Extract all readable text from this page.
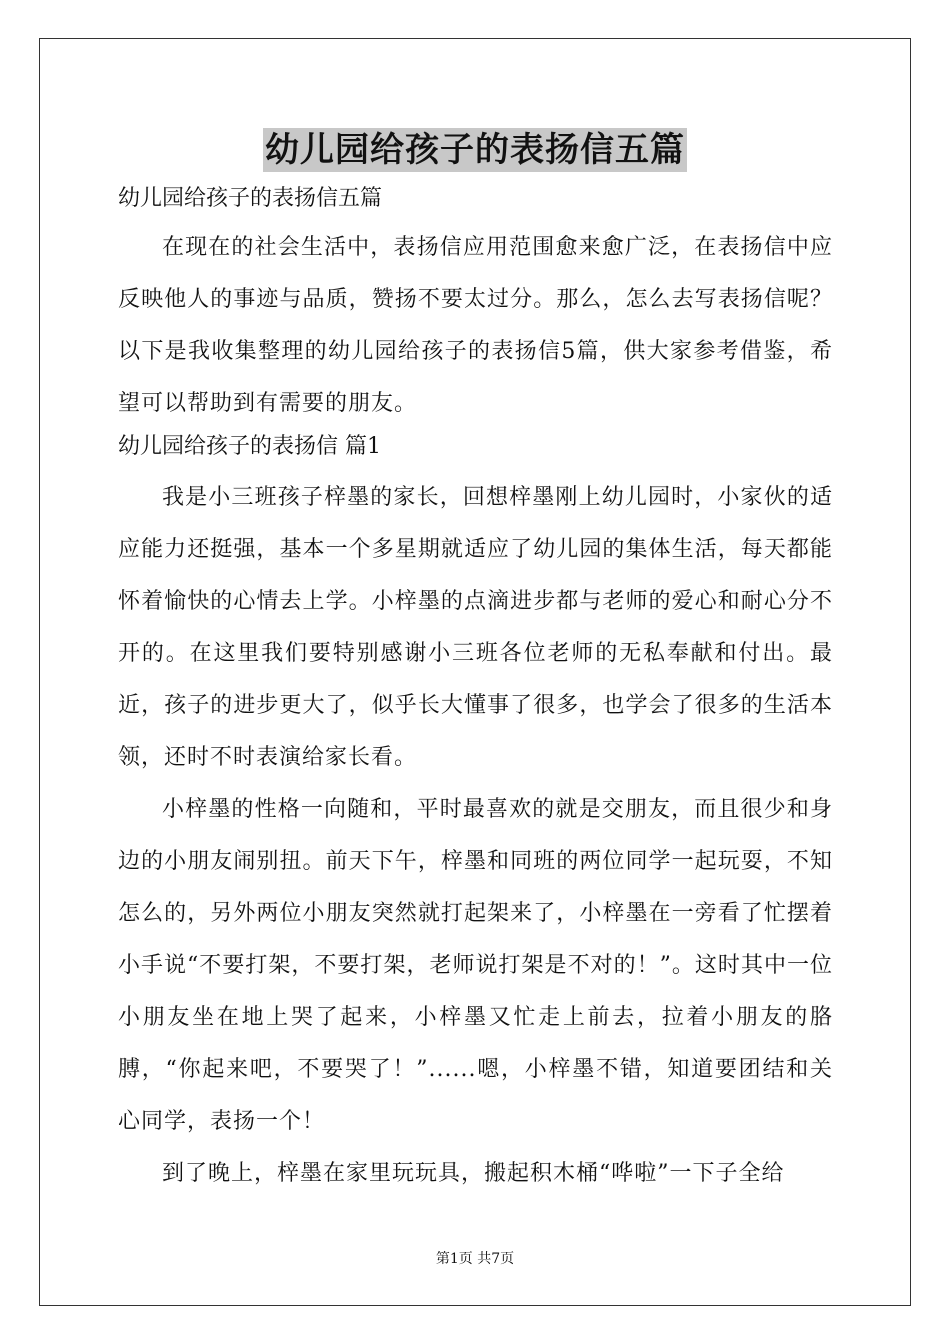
幼儿园给孩子的表扬信五篇

幼儿园给孩子的表扬信五篇

在现在的社会生活中，表扬信应用范围愈来愈广泛，在表扬信中应反映他人的事迹与品质，赞扬不要太过分。那么，怎么去写表扬信呢？以下是我收集整理的幼儿园给孩子的表扬信5篇，供大家参考借鉴，希望可以帮助到有需要的朋友。

幼儿园给孩子的表扬信 篇1

我是小三班孩子梓墨的家长，回想梓墨刚上幼儿园时，小家伙的适应能力还挺强，基本一个多星期就适应了幼儿园的集体生活，每天都能怀着愉快的心情去上学。小梓墨的点滴进步都与老师的爱心和耐心分不开的。在这里我们要特别感谢小三班各位老师的无私奉献和付出。最近，孩子的进步更大了，似乎长大懂事了很多，也学会了很多的生活本领，还时不时表演给家长看。

小梓墨的性格一向随和，平时最喜欢的就是交朋友，而且很少和身边的小朋友闹别扭。前天下午，梓墨和同班的两位同学一起玩耍，不知怎么的，另外两位小朋友突然就打起架来了，小梓墨在一旁看了忙摆着小手说“不要打架，不要打架，老师说打架是不对的！”。这时其中一位小朋友坐在地上哭了起来，小梓墨又忙走上前去，拉着小朋友的胳膊，“你起来吧，不要哭了！”......嗯，小梓墨不错，知道要团结和关心同学，表扬一个！

到了晚上，梓墨在家里玩玩具，搬起积木桶“哗啦”一下子全给

第1页 共7页
